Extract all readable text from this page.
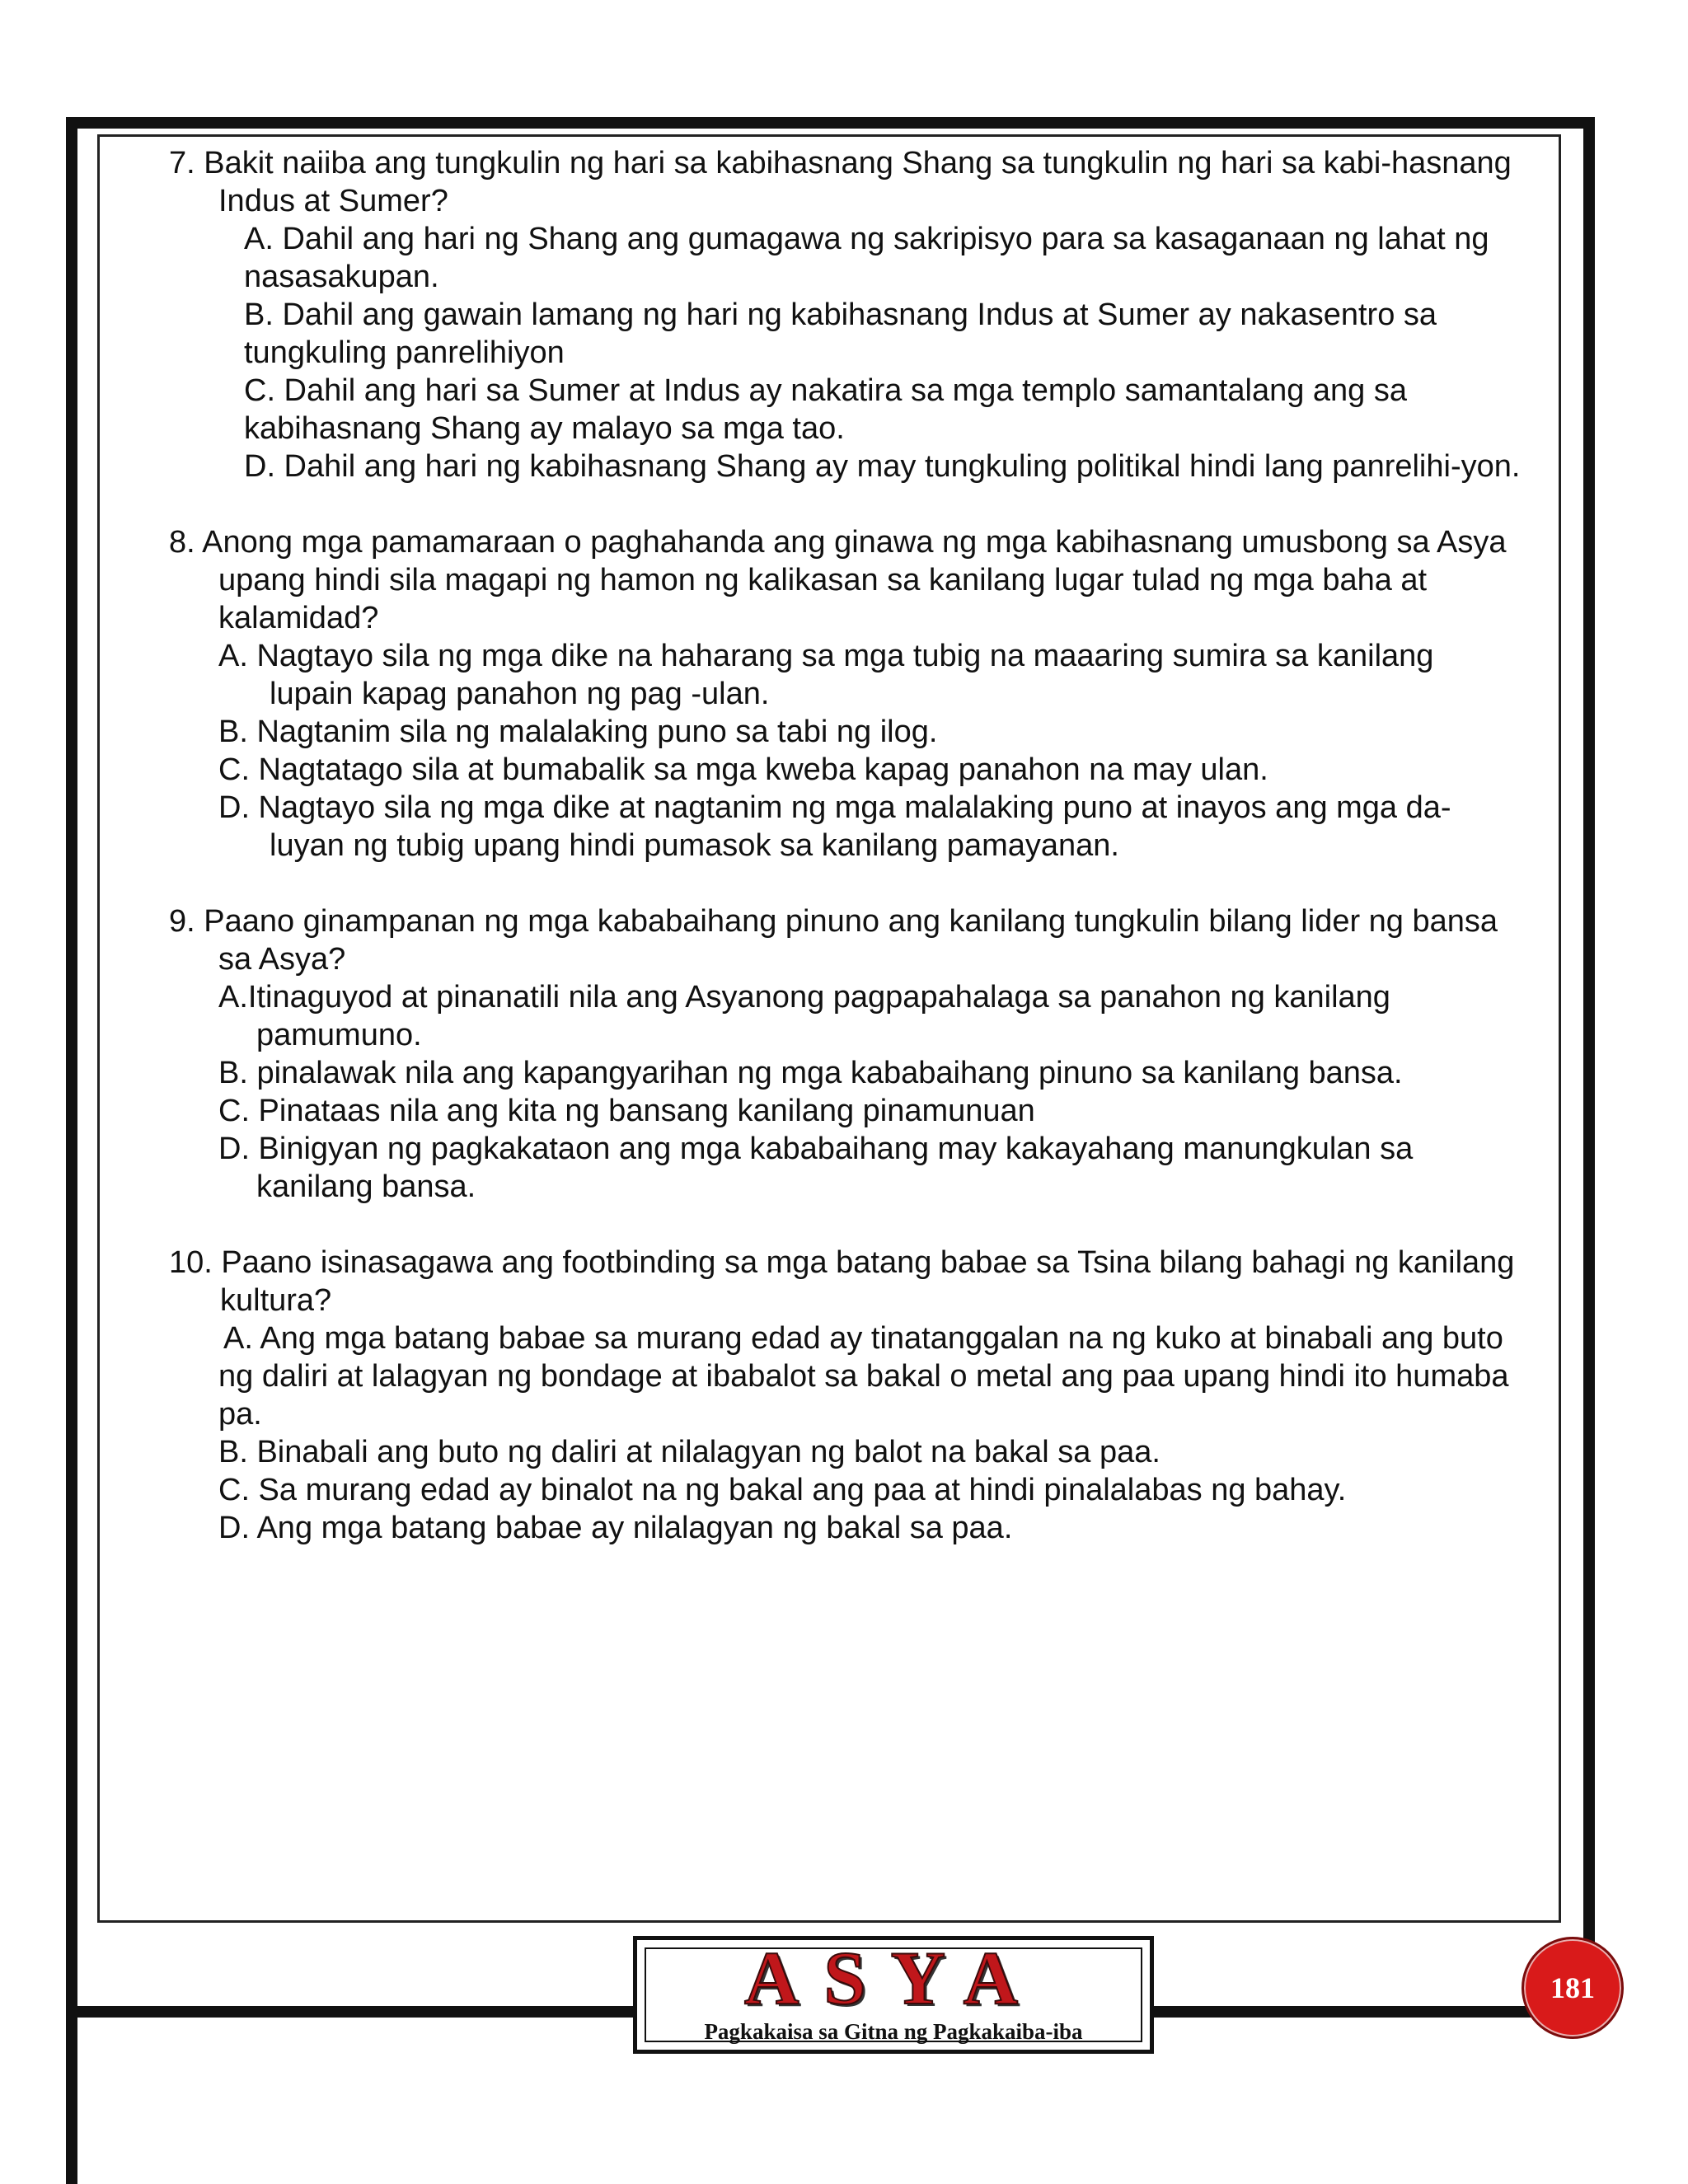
7. Bakit naiiba ang tungkulin ng hari sa kabihasnang Shang sa tungkulin ng hari sa kabi-hasnang Indus at Sumer?

A. Dahil ang hari ng Shang ang gumagawa ng sakripisyo para sa kasaganaan ng lahat ng nasasakupan.

B. Dahil ang gawain lamang ng hari ng kabihasnang Indus at Sumer ay nakasentro sa tungkuling panrelihiyon

C. Dahil ang hari sa Sumer at Indus ay nakatira sa mga templo samantalang ang sa kabihasnang Shang ay malayo sa mga tao.

D. Dahil ang hari ng kabihasnang Shang ay may tungkuling politikal hindi lang panrelihi-yon.

8. Anong mga pamamaraan o paghahanda ang ginawa ng mga kabihasnang umusbong sa Asya upang hindi sila magapi ng hamon ng kalikasan sa kanilang lugar tulad ng mga baha at kalamidad?

A. Nagtayo sila ng mga dike na haharang sa mga tubig na maaaring sumira sa kanilang lupain kapag panahon ng pag -ulan.

B. Nagtanim sila ng malalaking puno sa tabi ng ilog.

C. Nagtatago sila at bumabalik sa mga kweba kapag panahon na may ulan.

D. Nagtayo sila ng mga dike at nagtanim ng mga malalaking puno at inayos ang mga da-luyan ng tubig upang hindi pumasok sa kanilang pamayanan.

9. Paano ginampanan ng mga kababaihang pinuno ang kanilang tungkulin bilang lider ng bansa sa Asya?

A.Itinaguyod at pinanatili nila ang Asyanong pagpapahalaga sa panahon ng kanilang pamumuno.

B. pinalawak nila ang kapangyarihan ng mga kababaihang pinuno sa kanilang bansa.

C. Pinataas nila ang kita ng bansang kanilang pinamunuan

D. Binigyan ng pagkakataon ang mga kababaihang may kakayahang manungkulan sa kanilang bansa.

10. Paano isinasagawa ang footbinding sa mga batang babae sa Tsina bilang bahagi ng kanilang kultura?

A. Ang mga batang babae sa murang edad ay tinatanggalan na ng kuko at binabali ang buto ng daliri at lalagyan ng bondage at ibabalot sa bakal o metal ang paa upang hindi ito humaba pa.

B. Binabali ang buto ng daliri at nilalagyan ng balot na bakal sa paa.

C. Sa murang edad ay binalot na ng bakal ang paa at hindi pinalalabas ng bahay.

D. Ang mga batang babae ay nilalagyan ng bakal sa paa.

ASYA
Pagkakaisa sa Gitna ng Pagkakaiba-iba
181
